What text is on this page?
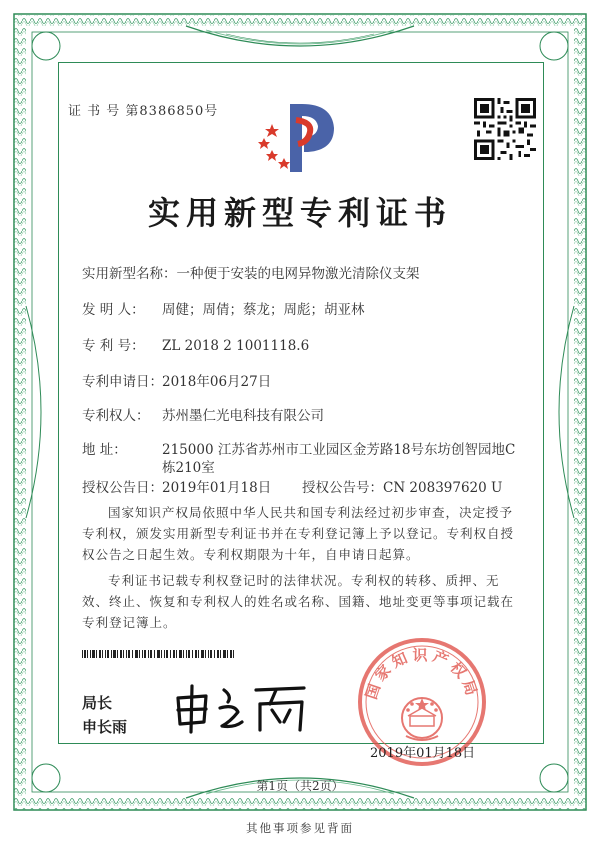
证 书 号 第8386850号
实用新型专利证书
实用新型名称：一种便于安装的电网异物激光清除仪支架
发 明 人： 周健；周倩；蔡龙；周彪；胡亚林
专 利 号： ZL 2018 2 1001118.6
专利申请日：2018年06月27日
专利权人： 苏州墨仁光电科技有限公司
地 址：	215000 江苏省苏州市工业园区金芳路18号东坊创智园地C
栋210室
授权公告日：2019年01月18日 授权公告号：CN 208397620 U
国家知识产权局依照中华人民共和国专利法经过初步审查，决定授予专利权，颁发实用新型专利证书并在专利登记簿上予以登记。专利权自授权公告之日起生效。专利权期限为十年，自申请日起算。
专利证书记载专利权登记时的法律状况。专利权的转移、质押、无效、终止、恢复和专利权人的姓名或名称、国籍、地址变更等事项记载在专利登记簿上。
局长
申长雨
国家知识产权局
2019年01月18日
第1页（共2页）
其他事项参见背面
